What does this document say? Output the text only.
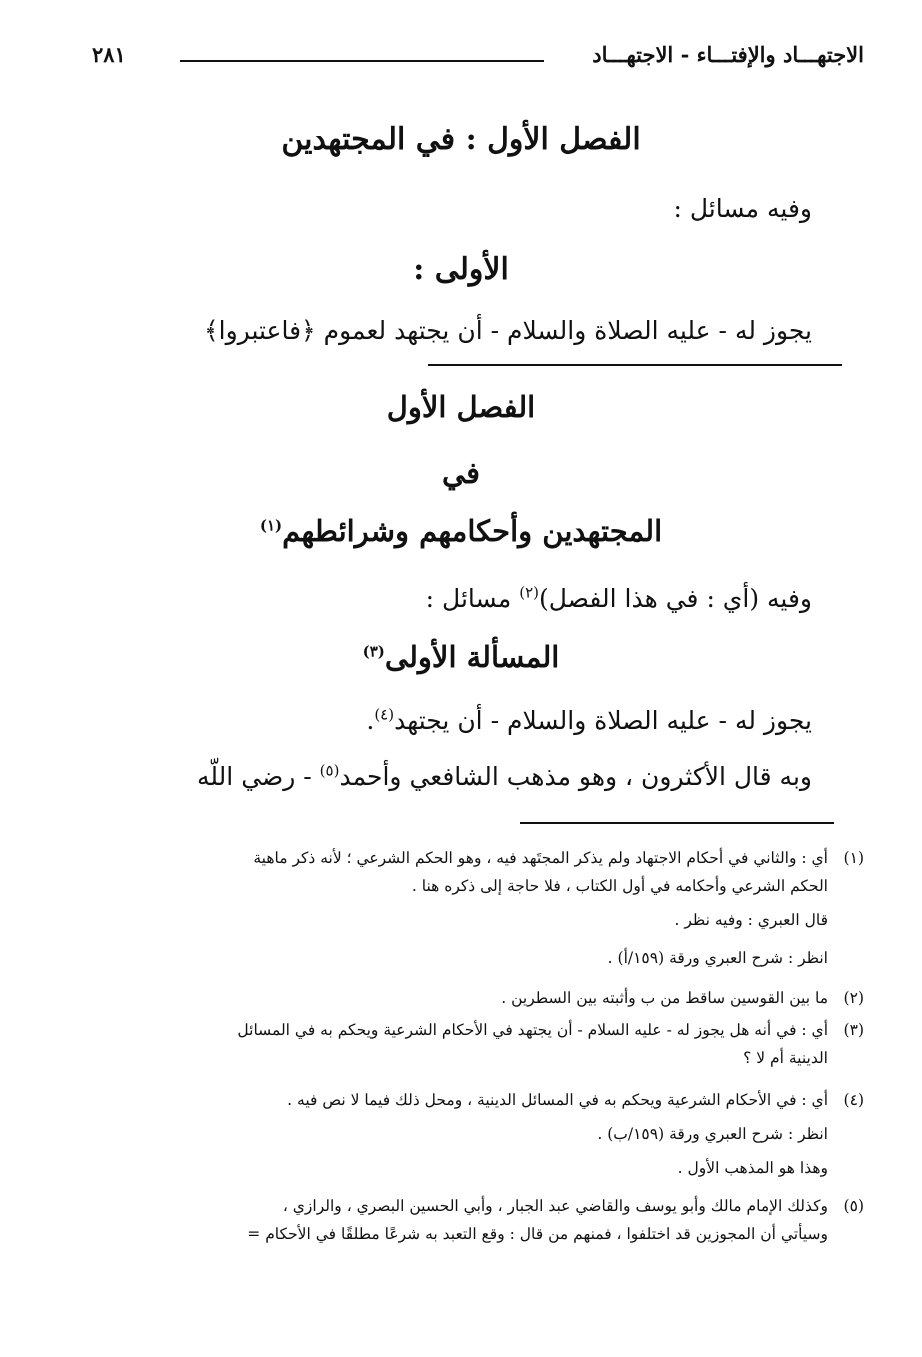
الاجتهـــاد والإفتـــاء - الاجتهـــاد
٢٨١
الفصل الأول : في المجتهدين
وفيه مسائل :
الأولى :
يجوز له - عليه الصلاة والسلام - أن يجتهد لعموم ﴿فاعتبروا﴾
الفصل الأول
في
المجتهدين وأحكامهم وشرائطهم$^{(١)}$
وفيه (أي : في هذا الفصل)$^{(٢)}$ مسائل :
المسألة الأولى$^{(٣)}$
يجوز له - عليه الصلاة والسلام - أن يجتهد$^{(٤)}$.
وبه قال الأكثرون ، وهو مذهب الشافعي وأحمد$^{(٥)}$ - رضي اللّه
(١)
أي : والثاني في أحكام الاجتهاد ولم يذكر المجتَهد فيه ، وهو الحكم الشرعي ؛ لأنه ذكر ماهية
الحكم الشرعي وأحكامه في أول الكتاب ، فلا حاجة إلى ذكره هنا .
قال العبري : وفيه نظر .
انظر : شرح العبري ورقة (١٥٩/أ) .
(٢)
ما بين القوسين ساقط من ب وأثبته بين السطرين .
(٣)
أي : في أنه هل يجوز له - عليه السلام - أن يجتهد في الأحكام الشرعية ويحكم به في المسائل
الدينية أم لا ؟
(٤)
أي : في الأحكام الشرعية ويحكم به في المسائل الدينية ، ومحل ذلك فيما لا نص فيه .
انظر : شرح العبري ورقة (١٥٩/ب) .
وهذا هو المذهب الأول .
(٥)
وكذلك الإمام مالك وأبو يوسف والقاضي عبد الجبار ، وأبي الحسين البصري ، والرازي ،
وسيأتي أن المجوزين قد اختلفوا ، فمنهم من قال : وقع التعبد به شرعًا مطلقًا في الأحكام =
